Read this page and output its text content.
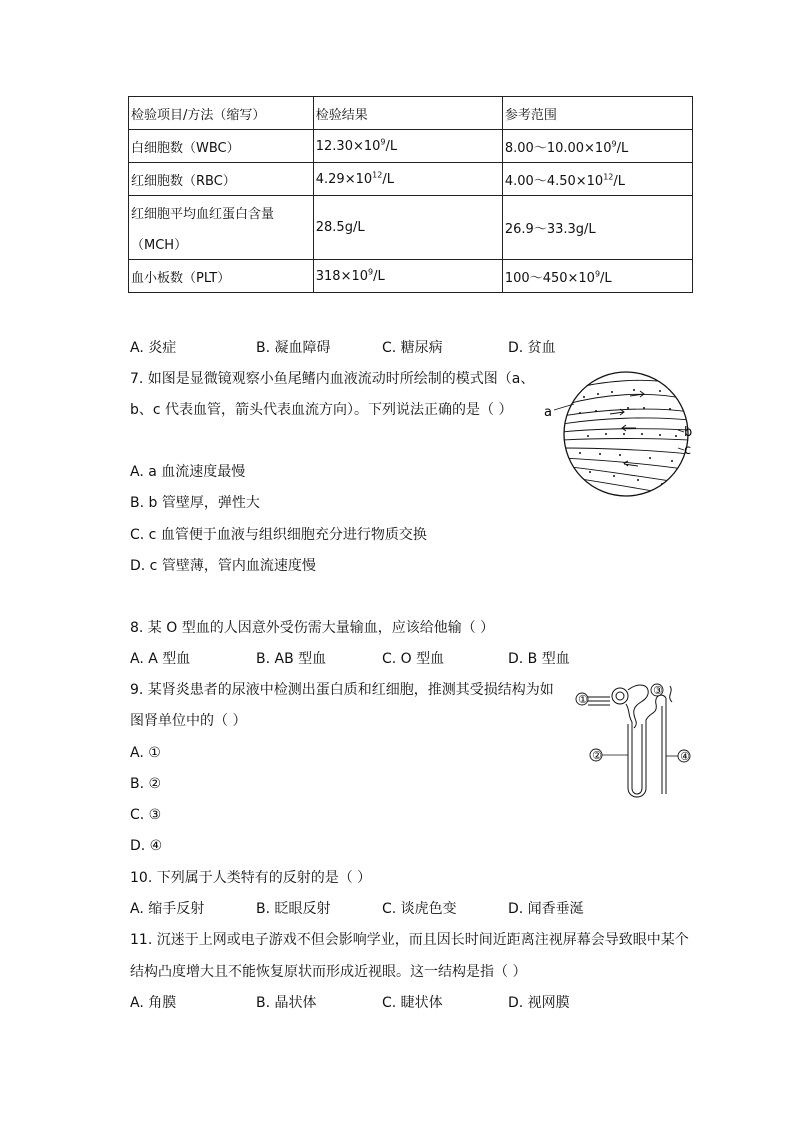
检验项目/方法（缩写）	检验结果	参考范围
白细胞数（WBC）	$12.30\times 10^9/L$	$8.00\sim 10.00\times 10^9/L$
红细胞数（RBC）	$4.29\times 10^{12}/L$	$4.00\sim 4.50\times 10^{12}/L$

红细胞平均血红蛋白含量
（MCH）	28.5g/L	26.9～33.3g/L
血小板数（PLT）	$318\times 10^9/L$	$100\sim 450\times 10^9/L$
A. 炎症	B. 凝血障碍	C. 糖尿病	D. 贫血
7. 如图是显微镜观察小鱼尾鳍内血液流动时所绘制的模式图（a、
b、c 代表血管，箭头代表血流方向）。下列说法正确的是（ ）
A. a 血流速度最慢
B. b 管壁厚，弹性大
C. c 血管便于血液与组织细胞充分进行物质交换
D. c 管壁薄，管内血流速度慢
a
b
c
8. 某 O 型血的人因意外受伤需大量输血，应该给他输（ ）
A. A 型血	B. AB 型血	C. O 型血	D. B 型血
9. 某肾炎患者的尿液中检测出蛋白质和红细胞，推测其受损结构为如
图肾单位中的（ ）
A. ①
B. ②
C. ③
D. ④
③
①
②	④
10. 下列属于人类特有的反射的是（ ）
A. 缩手反射	B. 眨眼反射	C. 谈虎色变	D. 闻香垂涎
11. 沉迷于上网或电子游戏不但会影响学业，而且因长时间近距离注视屏幕会导致眼中某个
结构凸度增大且不能恢复原状而形成近视眼。这一结构是指（ ）
A. 角膜	B. 晶状体	C. 睫状体	D. 视网膜
